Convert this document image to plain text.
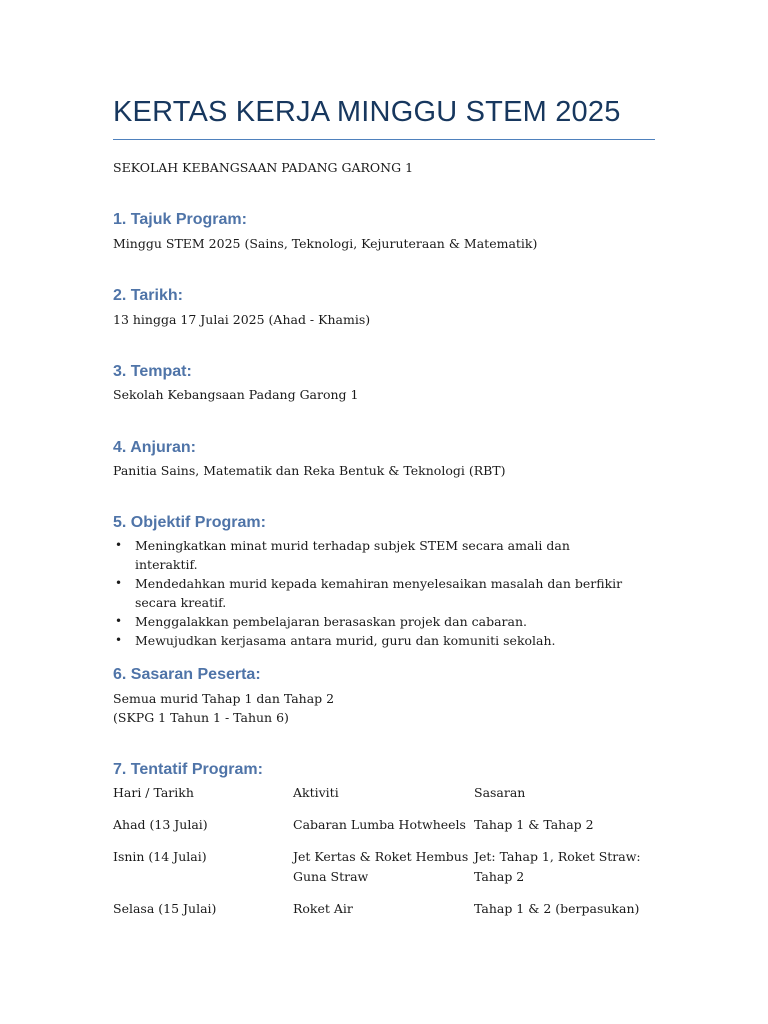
KERTAS KERJA MINGGU STEM 2025
SEKOLAH KEBANGSAAN PADANG GARONG 1
1. Tajuk Program:
Minggu STEM 2025 (Sains, Teknologi, Kejuruteraan & Matematik)
2. Tarikh:
13 hingga 17 Julai 2025 (Ahad - Khamis)
3. Tempat:
Sekolah Kebangsaan Padang Garong 1
4. Anjuran:
Panitia Sains, Matematik dan Reka Bentuk & Teknologi (RBT)
5. Objektif Program:
• Meningkatkan minat murid terhadap subjek STEM secara amali dan interaktif.
• Mendedahkan murid kepada kemahiran menyelesaikan masalah dan berfikir secara kreatif.
• Menggalakkan pembelajaran berasaskan projek dan cabaran.
• Mewujudkan kerjasama antara murid, guru dan komuniti sekolah.
6. Sasaran Peserta:
Semua murid Tahap 1 dan Tahap 2
(SKPG 1 Tahun 1 - Tahun 6)
7. Tentatif Program:
Hari / Tarikh	Aktiviti	Sasaran
Ahad (13 Julai)	Cabaran Lumba Hotwheels	Tahap 1 & Tahap 2
Isnin (14 Julai)	Jet Kertas & Roket Hembus Guna Straw	Jet: Tahap 1, Roket Straw: Tahap 2
Selasa (15 Julai)	Roket Air	Tahap 1 & 2 (berpasukan)
